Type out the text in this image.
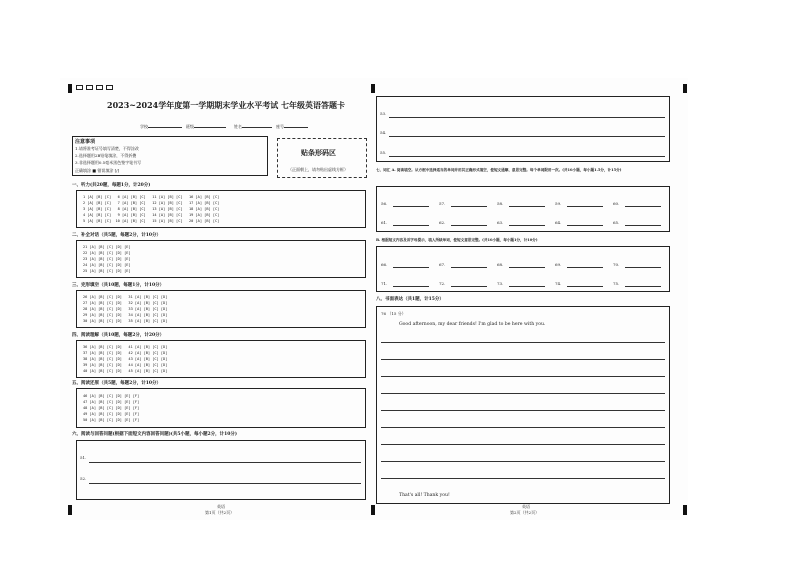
2023~2024学年度第一学期期末学业水平考试 七年级英语答题卡
学校	班级	姓名	座号
注意事项
1.请将准考证号填写清楚，不得涂改
2.选择题用2B铅笔填涂，不得折叠
3.非选择题用0.5毫米黑色签字笔书写
正确填涂 ■ 错误填涂 [/]
贴条形码区
（正面朝上，请勿贴出虚线方框）
一、听力(共20题，每题1分，计20分)
1 [A] [B] [C]   6 [A] [B] [C]   11 [A] [B] [C]   16 [A] [B] [C]
2 [A] [B] [C]   7 [A] [B] [C]   12 [A] [B] [C]   17 [A] [B] [C]
3 [A] [B] [C]   8 [A] [B] [C]   13 [A] [B] [C]   18 [A] [B] [C]
4 [A] [B] [C]   9 [A] [B] [C]   14 [A] [B] [C]   19 [A] [B] [C]
5 [A] [B] [C]  10 [A] [B] [C]   15 [A] [B] [C]   20 [A] [B] [C]
二、补全对话（共5题，每题2分，计10分）
21 [A] [B] [C] [D] [E]
22 [A] [B] [C] [D] [E]
23 [A] [B] [C] [D] [E]
24 [A] [B] [C] [D] [E]
25 [A] [B] [C] [D] [E]
三、完形填空（共10题，每题1分，计10分）
26 [A] [B] [C] [D]   31 [A] [B] [C] [D]
27 [A] [B] [C] [D]   32 [A] [B] [C] [D]
28 [A] [B] [C] [D]   33 [A] [B] [C] [D]
29 [A] [B] [C] [D]   34 [A] [B] [C] [D]
30 [A] [B] [C] [D]   35 [A] [B] [C] [D]
四、阅读理解（共10题，每题2分，计20分）
36 [A] [B] [C] [D]   41 [A] [B] [C] [D]
37 [A] [B] [C] [D]   42 [A] [B] [C] [D]
38 [A] [B] [C] [D]   43 [A] [B] [C] [D]
39 [A] [B] [C] [D]   44 [A] [B] [C] [D]
40 [A] [B] [C] [D]   45 [A] [B] [C] [D]
五、阅读还原（共5题，每题2分，计10分）
46 [A] [B] [C] [D] [E] [F]
47 [A] [B] [C] [D] [E] [F]
48 [A] [B] [C] [D] [E] [F]
49 [A] [B] [C] [D] [E] [F]
50 [A] [B] [C] [D] [E] [F]
六、阅读与回答问题(根据下面短文内容回答问题)(共5小题，每小题2分，计10分)
51.
52.
英语
第1页（共2页）
53.
54.
55.
七、词汇 A. 阅读填空。从方框中选择适当的单词并用其正确形式填空，使短文通顺、意思完整。每个单词限用一次。(共10小题，每小题1.5分，计15分)
56.	57.	58.	59.	60.
61.	62.	63.	64.	65.
B. 根据短文内容及首字母提示，填入所缺单词，使短文意思完整。(共10小题，每小题1分，计10分)
66.	67.	68.	69.	70.
71.	72.	73.	74.	75.
八、书面表达（共1题，计15分）
76 （15 分）
Good afternoon, my dear friends! I'm glad to be here with you.
That's all! Thank you!
英语
第2页（共2页）
